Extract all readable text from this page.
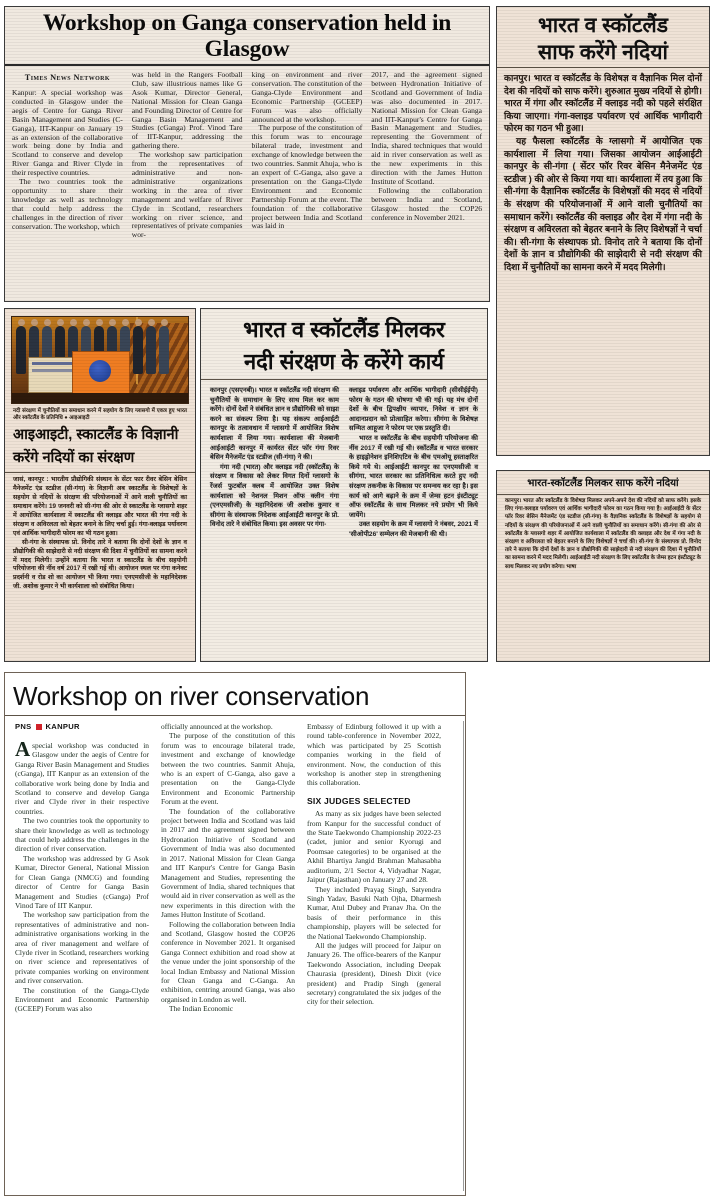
Workshop on Ganga conservation held in Glasgow
Times News Network

Kanpur: A special workshop was conducted in Glasgow under the aegis of Centre for Ganga River Basin Management and Studies (C-Ganga), IIT-Kanpur on January 19 as an extension of the collaborative work being done by India and Scotland to conserve and develop River Ganga and River Clyde in their respective countries.

The two countries took the opportunity to share their knowledge as well as technology that could help address the challenges in the direction of river conservation. The workshop, which

was held in the Rangers Football Club, saw illustrious names like G Asok Kumar, Director General, National Mission for Clean Ganga and Founding Director of Centre for Ganga Basin Management and Studies (cGanga) Prof. Vinod Tare of IIT-Kanpur, addressing the gathering there.

The workshop saw participation from the representatives of administrative and non-administrative organizations working in the area of river management and welfare of River Clyde in Scotland, researchers working on river science, and representatives of private companies wor-

king on environment and river conservation. The constitution of the Ganga-Clyde Environment and Economic Partnership (GCEEP) Forum was also officially announced at the workshop.

The purpose of the constitution of this forum was to encourage bilateral trade, investment and exchange of knowledge between the two countries. Sanmit Ahuja, who is an expert of C-Ganga, also gave a presentation on the Ganga-Clyde Environment and Economic Partnership Forum at the event. The foundation of the collaborative project between India and Scotland was laid in

2017, and the agreement signed between Hydronation Initiative of Scotland and Government of India was also documented in 2017. National Mission for Clean Ganga and IIT-Kanpur's Centre for Ganga Basin Management and Studies, representing the Government of India, shared techniques that would aid in river conservation as well as the new experiments in this direction with the James Hutton Institute of Scotland.

Following the collaboration between India and Scotland, Glasgow hosted the COP26 conference in November 2021.

भारत व स्कॉटलैंड
साफ करेंगे नदियां

कानपुर। भारत व स्कॉटलैंड के विशेषज्ञ व वैज्ञानिक मिल दोनों देश की नदियों को साफ करेंगे। शुरुआत मुख्य नदियों से होगी। भारत में गंगा और स्कॉटलैंड में क्लाइड नदी को पहले संरक्षित किया जाएगा। गंगा-क्लाइड पर्यावरण एवं आर्थिक भागीदारी फोरम का गठन भी हुआ।

यह फैसला स्कॉटलैंड के ग्लासगो में आयोजित एक कार्यशाला में लिया गया। जिसका आयोजन आईआईटी कानपुर के सी-गंगा ( सेंटर फॉर रिवर बेसिन मैनेजमेंट एंड स्टडीज ) की ओर से किया गया था। कार्यशाला में तय हुआ कि सी-गंगा के वैज्ञानिक स्कॉटलैंड के विशेषज्ञों की मदद से नदियों के संरक्षण की परियोजनाओं में आने वाली चुनौतियों का समाधान करेंगे। स्कॉटलैंड की क्लाइड और देश में गंगा नदी के संरक्षण व अविरलता को बेहतर बनाने के लिए विशेषज्ञों ने चर्चा की। सी-गंगा के संस्थापक प्रो. विनोद तारे ने बताया कि दोनों देशों के ज्ञान व प्रौद्योगिकी की साझेदारी से नदी संरक्षण की दिशा में चुनौतियों का सामना करने में मदद मिलेगी।

नदी संरक्षण में चुनौतियों का समाधान करने में सहयोग के लिए ग्लासगो में एकत्र हुए भारत और स्कॉटलैंड के प्रतिनिधि ● आइआइटी
आइआइटी, स्काटलैंड के विज्ञानी
करेंगे नदियों का संरक्षण

जासं, कानपुर : भारतीय प्रौद्योगिकी संस्थान के सेंटर फार रीवर बेसिन बेसिन मैनेजमेंट एंड स्टडीज (सी-गंगा) के विज्ञानी अब स्काटलैंड के विशेषज्ञों के सहयोग से नदियों के संरक्षण की परियोजनाओं में आने वाली चुनौतियों का समाधान करेंगे। 19 जनवरी को सी-गंगा की ओर से स्काटलैंड के ग्लासगो शहर में आयोजित कार्यशाला में स्काटलैंड की क्लाइड और भारत की गंगा नदी के संरक्षण व अविरलता को बेहतर बनाने के लिए चर्चा हुई। गंगा-क्लाइड पर्यावरण एवं आर्थिक भागीदारी फोरम का भी गठन हुआ।

सी-गंगा के संस्थापक प्रो. विनोद तारे ने बताया कि दोनों देशों के ज्ञान व प्रौद्योगिकी की साझेदारी से नदी संरक्षण की दिशा में चुनौतियों का सामना करने में मदद मिलेगी। उन्होंने बताया कि भारत व स्काटलैंड के बीच सहयोगी परियोजना की नींव वर्ष 2017 में रखी गई थी। आयोजन स्थल पर गंगा कनेक्ट प्रदर्शनी व रोड शो का आयोजन भी किया गया। एनएमसीजी के महानिदेशक जी. अशोक कुमार ने भी कार्यशाला को संबोधित किया।

भारत व स्कॉटलैंड मिलकर
नदी संरक्षण के करेंगे कार्य

कानपुर (एसएनबी)। भारत व स्कॉटलैंड नदी संरक्षण की चुनौतियों के समाधान के लिए साथ मिल कर काम करेंगे। दोनों देशों ने संबंधित ज्ञान व प्रौद्योगिकी को साझा करने का संकल्प लिया है। यह संकल्प आईआईटी कानपुर के तत्वावधान में ग्लासगो में आयोजित विशेष कार्यशाला में लिया गया। कार्यशाला की मेजबानी आईआईटी कानपुर में कार्यरत सेंटर फॉर गंगा रिवर बेसिन मैनेजमेंट एंड स्टडीज (सी-गंगा) ने की।

गंगा नदी (भारत) और क्लाइड नदी (स्कॉटलैंड) के संरक्षण व विकास को लेकर विगत दिनों ग्लासगो के रेंजर्स फुटबॉल क्लब में आयोजित उक्त विशेष कार्यशाला को नेशनल मिशन ऑफ क्लीन गंगा (एनएमसीजी) के महानिदेशक जी अशोक कुमार व सीगंगा के संस्थापक निदेशक आईआईटी कानपुर के प्रो. विनोद तारे ने संबोधित किया। इस अवसर पर गंगा-

क्लाइड पर्यावरण और आर्थिक भागीदारी (सीसीईईपी) फोरम के गठन की घोषणा भी की गई। यह मंच दोनों देशों के बीच द्विपक्षीय व्यापार, निवेश व ज्ञान के आदानप्रदान को प्रोत्साहित करेगा। सीगंगा के विशेषज्ञ सन्मित आहूजा ने फोरम पर एक प्रस्तुति दी।

भारत व स्कॉटलैंड के बीच सहयोगी परियोजना की नींव 2017 में रखी गई थी। स्कॉटलैंड व भारत सरकार के हाइड्रोनेशन इनिशिएटिव के बीच एमओयू हस्ताक्षरित किये गये थे। आईआईटी कानपुर का एनएमसीजी व सीगंगा, भारत सरकार का प्रतिनिधित्व करते हुए नदी संरक्षण तकनीक के विकास पर समन्वय कर रहा है। इस कार्य को आगे बढ़ाने के क्रम में जेम्स हटन इंस्टीट्यूट ऑफ स्कॉटलैंड के साथ मिलकर नये प्रयोग भी किये जायेंगे।

उक्त सहयोग के क्रम में ग्लासगो ने नंबवर, 2021 में 'सीओपी26' सम्मेलन की मेजबानी की थी।

भारत-स्कॉटलैंड मिलकर साफ करेंगे नदियां

कानपुर। भारत और स्कॉटलैंड के विशेषज्ञ मिलकर अपने-अपने देश की नदियों को साफ करेंगे। इसके लिए गंगा-क्लाइड पर्यावरण एवं आर्थिक भागीदारी फोरम का गठन किया गया है। आईआईटी के सेंटर फॉर रिवर बेसिन मैनेजमेंट एंड स्टडीज (सी-गंगा) के वैज्ञानिक स्कॉटलैंड के विशेषज्ञों के सहयोग से नदियों के संरक्षण की परियोजनाओं में आने वाली चुनौतियों का समाधान करेंगे। सी-गंगा की ओर से स्कॉटलैंड के ग्लासगो शहर में आयोजित कार्यशाला में स्कॉटलैंड की क्लाइड और देश में गंगा नदी के संरक्षण व अविरलता को बेहतर बनाने के लिए विशेषज्ञों ने चर्चा की। सी-गंगा के संस्थापक प्रो. विनोद तारे ने बताया कि दोनों देशों के ज्ञान व प्रौद्योगिकी की साझेदारी से नदी संरक्षण की दिशा में चुनौतियों का सामना करने में मदद मिलेगी। आईआईटी नदी संरक्षण के लिए स्कॉटलैंड के जेम्स हटन इंस्टीट्यूट के साथ मिलकर नए प्रयोग करेगा। भाषा

Workshop on river conservation
PNS KANPUR

Aspecial workshop was conducted in Glasgow under the aegis of Centre for Ganga River Basin Management and Studies (cGanga), IIT Kanpur as an extension of the collaborative work being done by India and Scotland to conserve and develop Ganga river and Clyde river in their respective countries.

The two countries took the opportunity to share their knowledge as well as technology that could help address the challenges in the direction of river conservation.

The workshop was addressed by G Asok Kumar, Director General, National Mission for Clean Ganga (NMCG) and founding director of Centre for Ganga Basin Management and Studies (cGanga) Prof Vinod Tare of IIT Kanpur.

The workshop saw participation from the representatives of administrative and non-administrative organisations working in the area of river management and welfare of Clyde river in Scotland, researchers working on river science and representatives of private companies working on environment and river conservation.

The constitution of the Ganga-Clyde Environment and Economic Partnership (GCEEP) Forum was also

officially announced at the workshop.

The purpose of the constitution of this forum was to encourage bilateral trade, investment and exchange of knowledge between the two countries. Sanmit Ahuja, who is an expert of C-Ganga, also gave a presentation on the Ganga-Clyde Environment and Economic Partnership Forum at the event.

The foundation of the collaborative project between India and Scotland was laid in 2017 and the agreement signed between Hydronation Initiative of Scotland and Government of India was also documented in 2017. National Mission for Clean Ganga and IIT Kanpur's Centre for Ganga Basin Management and Studies, representing the Government of India, shared techniques that would aid in river conservation as well as the new experiments in this direction with the James Hutton Institute of Scotland.

Following the collaboration between India and Scotland, Glasgow hosted the COP26 conference in November 2021. It organised Ganga Connect exhibition and road show at the venue under the joint sponsorship of the local Indian Embassy and National Mission for Clean Ganga and C-Ganga. An exhibition, centring around Ganga, was also organised in London as well.

The Indian Economic

Embassy of Edinburg followed it up with a round table-conference in November 2022, which was participated by 25 Scottish companies working in the field of environment. Now, the conduction of this workshop is another step in strengthening this collaboration.

SIX JUDGES SELECTED

As many as six judges have been selected from Kanpur for the successful conduct of the State Taekwondo Championship 2022-23 (cadet, junior and senior Kyorugi and Poomsae categories) to be organised at the Akhil Bhartiya Jangid Brahman Mahasabha auditorium, 2/1 Sector 4, Vidyadhar Nagar, Jaipur (Rajasthan) on January 27 and 28.

They included Prayag Singh, Satyendra Singh Yadav, Basuki Nath Ojha, Dharmesh Kumar, Atul Dubey and Pranav Jha. On the basis of their performance in this championship, players will be selected for the National Taekwondo Championship.

All the judges will proceed for Jaipur on January 26. The office-bearers of the Kanpur Taekwondo Association, including Deepak Chaurasia (president), Dinesh Dixit (vice president) and Pradip Singh (general secretary) congratulated the six judges of the city for their selection.
